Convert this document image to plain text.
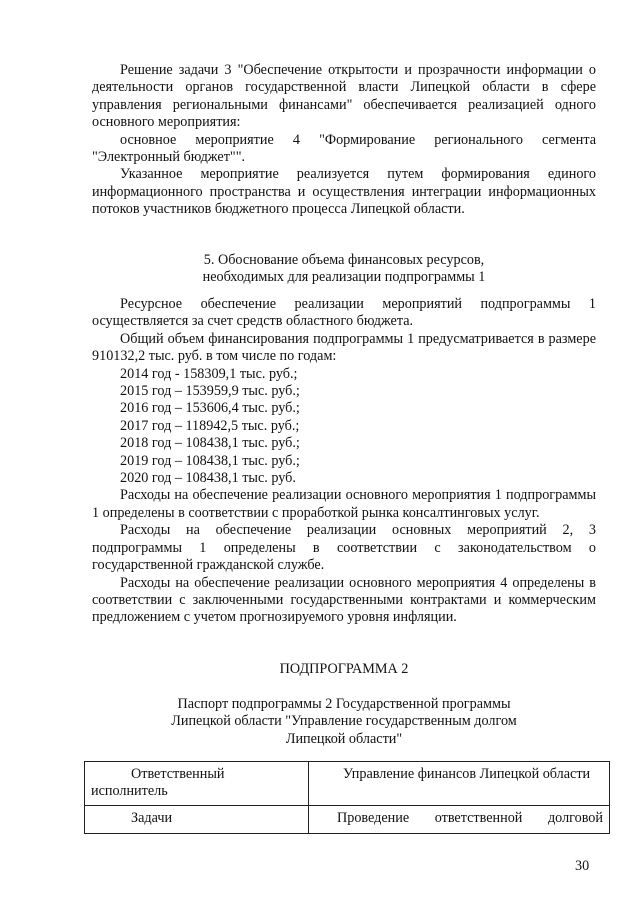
Решение задачи 3 "Обеспечение открытости и прозрачности информации о деятельности органов государственной власти Липецкой области в сфере управления региональными финансами" обеспечивается реализацией одного основного мероприятия:

основное мероприятие 4 "Формирование регионального сегмента

"Электронный бюджет"".

Указанное мероприятие реализуется путем формирования единого информационного пространства и осуществления интеграции информационных потоков участников бюджетного процесса Липецкой области.

5. Обоснование объема финансовых ресурсов,

необходимых для реализации подпрограммы 1

Ресурсное обеспечение реализации мероприятий подпрограммы 1 осуществляется за счет средств областного бюджета.

Общий объем финансирования подпрограммы 1 предусматривается в размере 910132,2 тыс. руб. в том числе по годам:

2014 год - 158309,1 тыс. руб.;
2015 год – 153959,9 тыс. руб.;
2016 год – 153606,4 тыс. руб.;
2017 год – 118942,5 тыс. руб.;
2018 год – 108438,1 тыс. руб.;
2019 год – 108438,1 тыс. руб.;
2020 год – 108438,1 тыс. руб.

Расходы на обеспечение реализации основного мероприятия 1 подпрограммы 1 определены в соответствии с проработкой рынка консалтинговых услуг.

Расходы на обеспечение реализации основных мероприятий 2, 3 подпрограммы 1 определены в соответствии с законодательством о государственной гражданской службе.

Расходы на обеспечение реализации основного мероприятия 4 определены в соответствии с заключенными государственными контрактами и коммерческим предложением с учетом прогнозируемого уровня инфляции.

ПОДПРОГРАММА 2

Паспорт подпрограммы 2 Государственной программы

Липецкой области "Управление государственным долгом

Липецкой области"

Ответственный исполнитель	Управление финансов Липецкой области

Задачи	Проведение ответственной долговой
30
